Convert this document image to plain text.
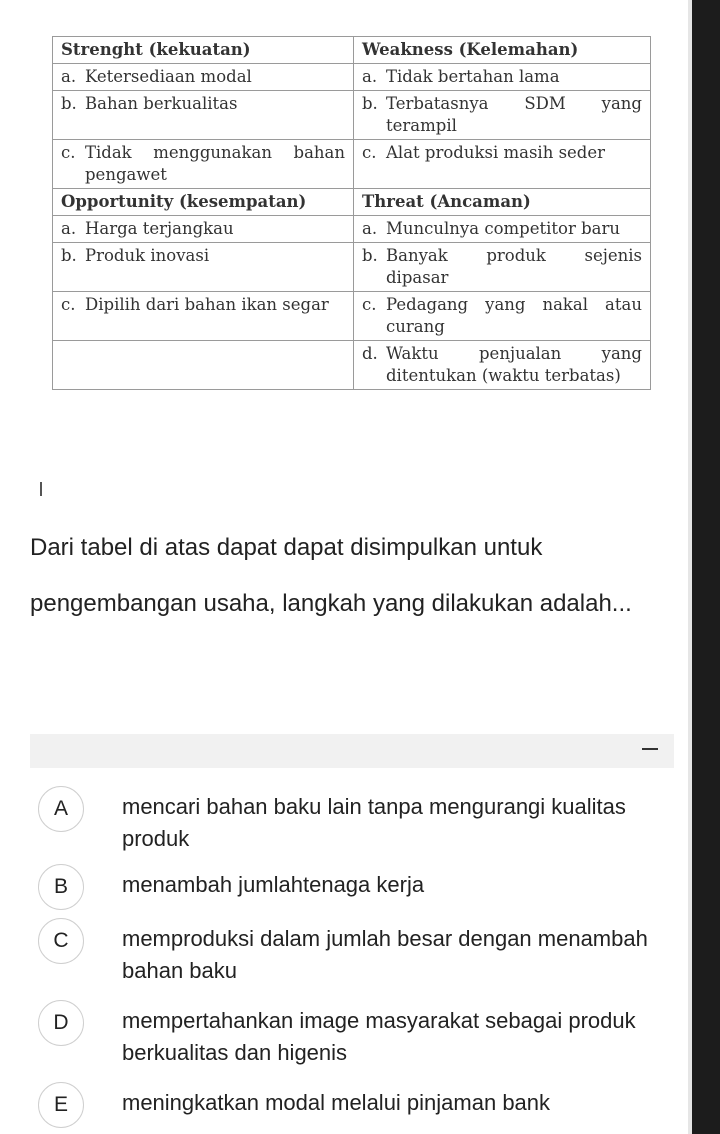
Strenght (kekuatan)	Weakness (Kelemahan)

a. Ketersediaan modal	a. Tidak bertahan lama

b. Bahan berkualitas	b. Terbatasnya SDM yang terampil

c. Tidak menggunakan bahan pengawet	c. Alat produksi masih seder

Opportunity (kesempatan)	Threat (Ancaman)

a. Harga terjangkau	a. Munculnya competitor baru

b. Produk inovasi	b. Banyak produk sejenis dipasar

c. Dipilih dari bahan ikan segar	c. Pedagang yang nakal atau curang

	d. Waktu penjualan yang ditentukan (waktu terbatas)
Dari tabel di atas dapat dapat disimpulkan untuk pengembangan usaha, langkah yang dilakukan adalah...
A	mencari bahan baku lain tanpa mengurangi kualitas produk
B	menambah jumlahtenaga kerja
C	memproduksi dalam jumlah besar dengan menambah bahan baku
D	mempertahankan image masyarakat sebagai produk berkualitas dan higenis
E	meningkatkan modal melalui pinjaman bank
